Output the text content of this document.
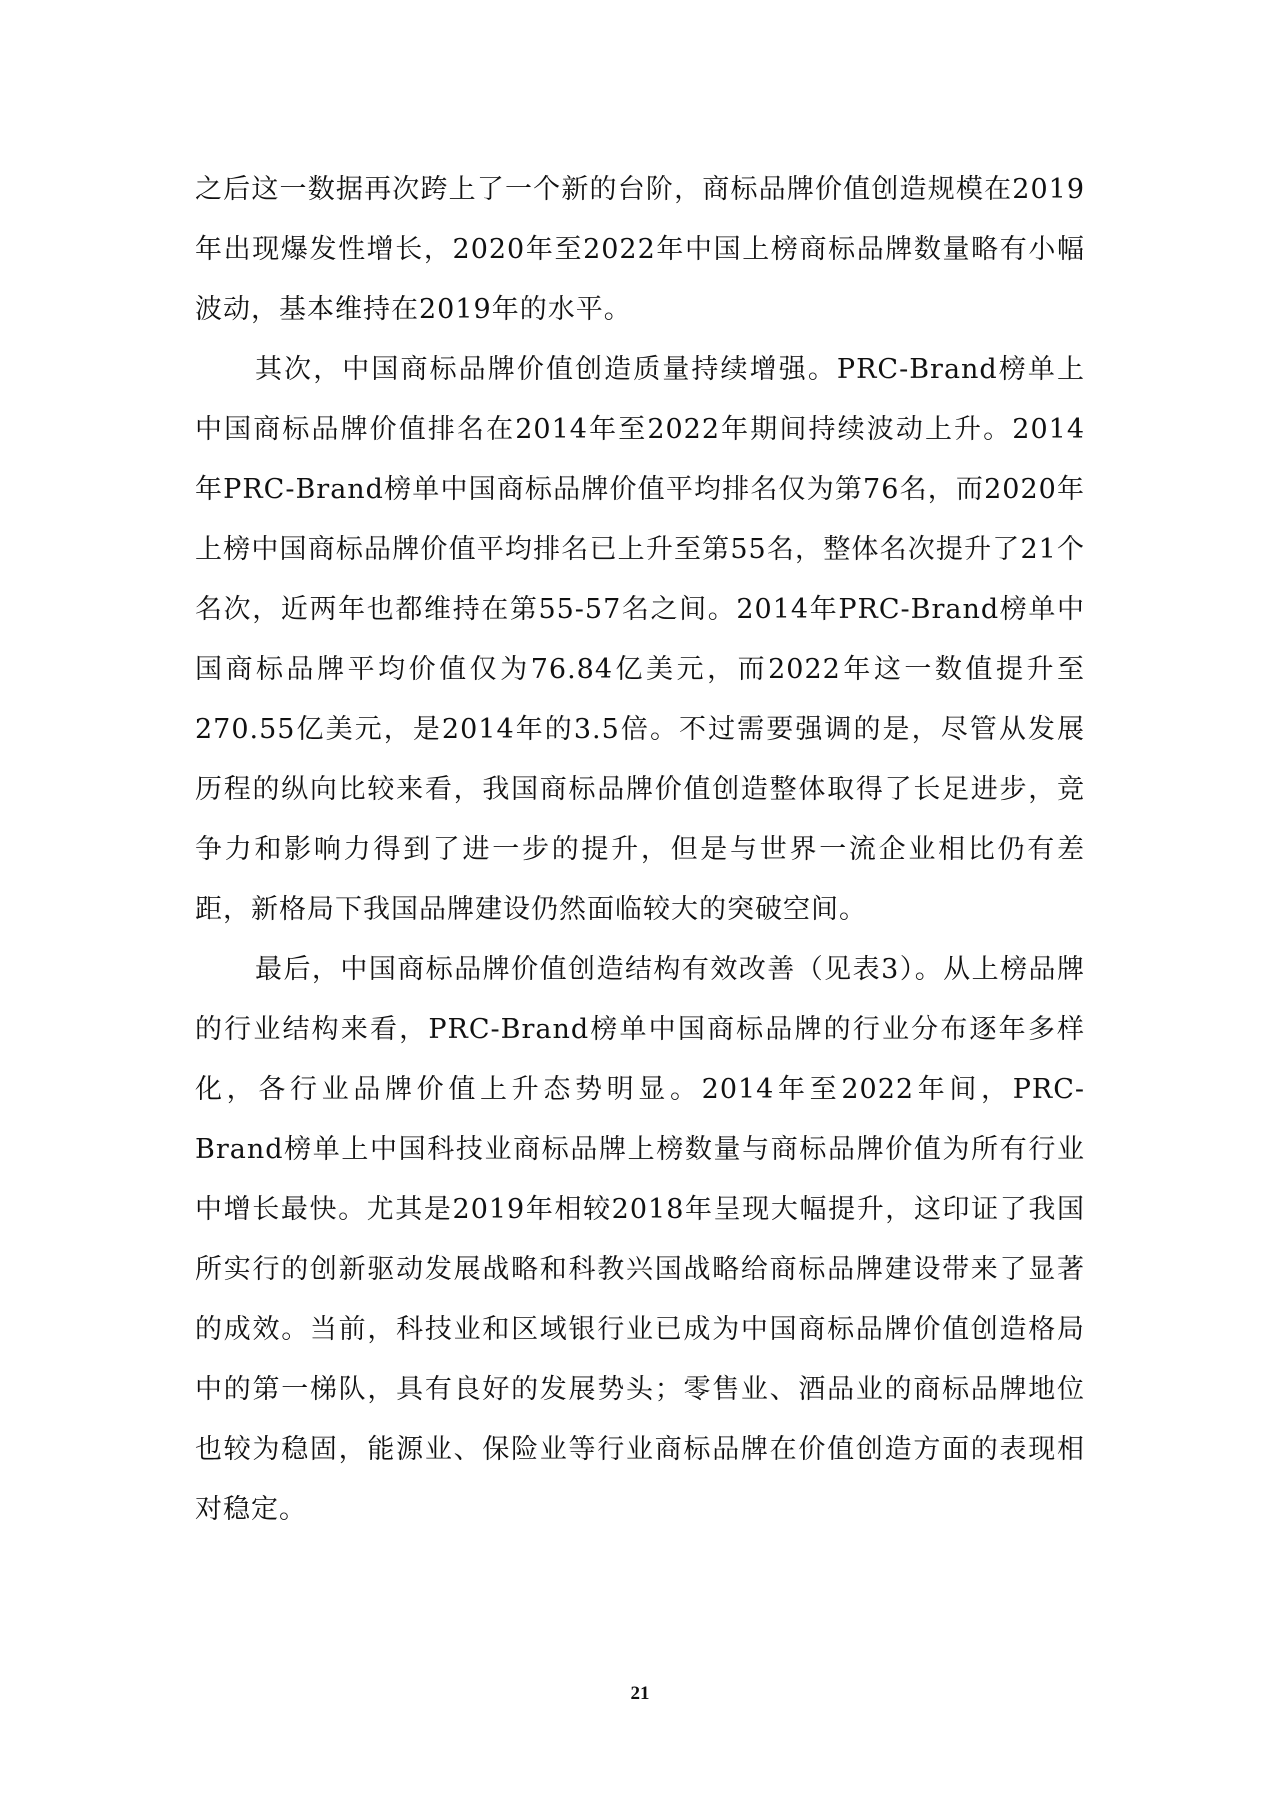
之后这一数据再次跨上了一个新的台阶，商标品牌价值创造规模在2019年出现爆发性增长，2020年至2022年中国上榜商标品牌数量略有小幅波动，基本维持在2019年的水平。

其次，中国商标品牌价值创造质量持续增强。PRC-Brand榜单上中国商标品牌价值排名在2014年至2022年期间持续波动上升。2014年PRC-Brand榜单中国商标品牌价值平均排名仅为第76名，而2020年上榜中国商标品牌价值平均排名已上升至第55名，整体名次提升了21个名次，近两年也都维持在第55-57名之间。2014年PRC-Brand榜单中国商标品牌平均价值仅为76.84亿美元，而2022年这一数值提升至270.55亿美元，是2014年的3.5倍。不过需要强调的是，尽管从发展历程的纵向比较来看，我国商标品牌价值创造整体取得了长足进步，竞争力和影响力得到了进一步的提升，但是与世界一流企业相比仍有差距，新格局下我国品牌建设仍然面临较大的突破空间。

最后，中国商标品牌价值创造结构有效改善（见表3）。从上榜品牌的行业结构来看，PRC-Brand榜单中国商标品牌的行业分布逐年多样化，各行业品牌价值上升态势明显。2014年至2022年间，PRC-Brand榜单上中国科技业商标品牌上榜数量与商标品牌价值为所有行业中增长最快。尤其是2019年相较2018年呈现大幅提升，这印证了我国所实行的创新驱动发展战略和科教兴国战略给商标品牌建设带来了显著的成效。当前，科技业和区域银行业已成为中国商标品牌价值创造格局中的第一梯队，具有良好的发展势头；零售业、酒品业的商标品牌地位也较为稳固，能源业、保险业等行业商标品牌在价值创造方面的表现相对稳定。

21
